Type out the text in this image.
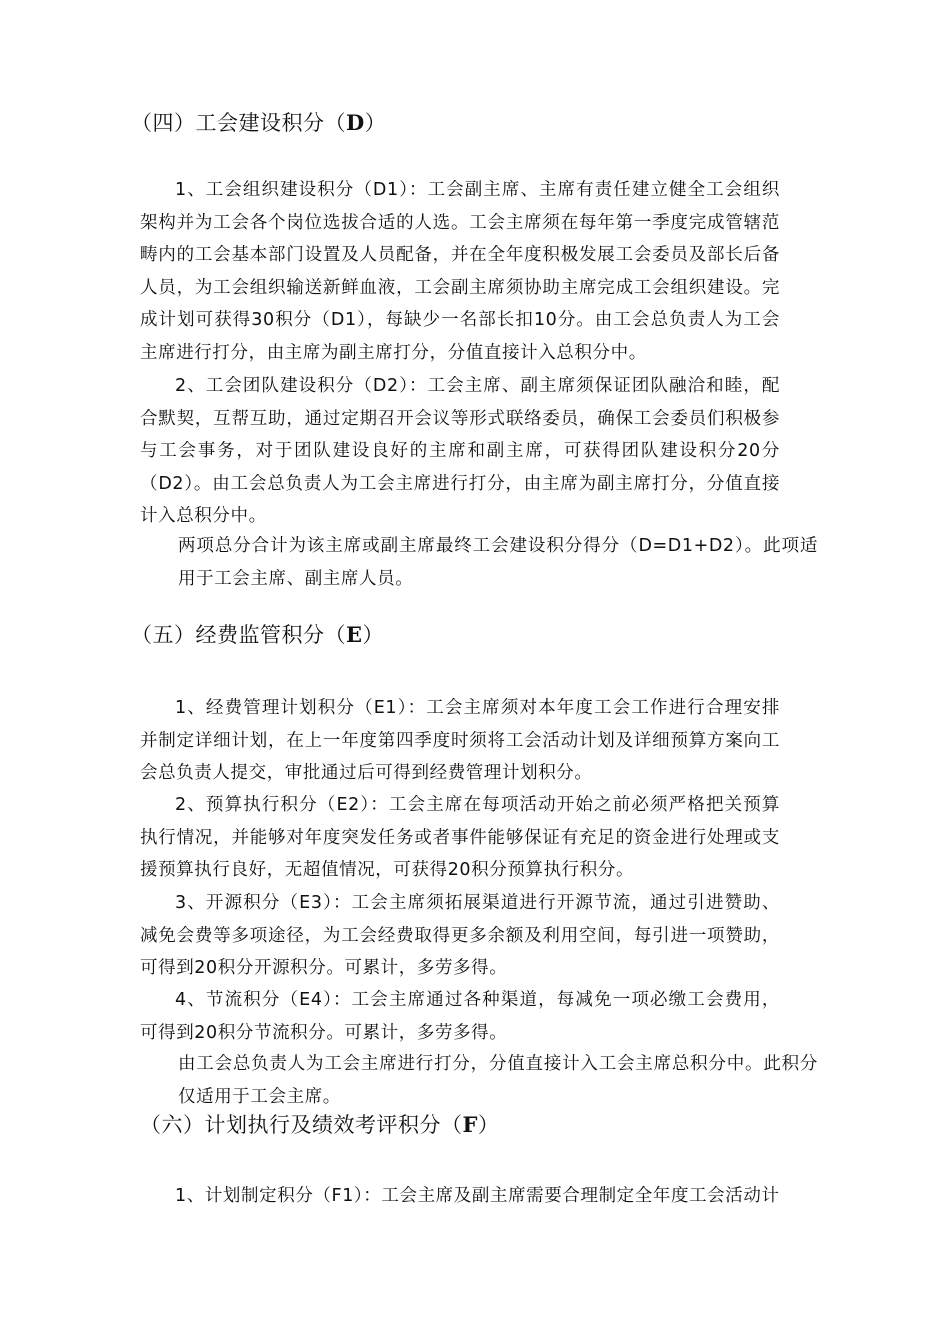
（四）工会建设积分（D）

1、工会组织建设积分（D1）：工会副主席、主席有责任建立健全工会组织架构并为工会各个岗位选拔合适的人选。工会主席须在每年第一季度完成管辖范畴内的工会基本部门设置及人员配备，并在全年度积极发展工会委员及部长后备人员，为工会组织输送新鲜血液，工会副主席须协助主席完成工会组织建设。完成计划可获得30积分（D1），每缺少一名部长扣10分。由工会总负责人为工会主席进行打分，由主席为副主席打分，分值直接计入总积分中。

2、工会团队建设积分（D2）：工会主席、副主席须保证团队融洽和睦，配合默契，互帮互助，通过定期召开会议等形式联络委员，确保工会委员们积极参与工会事务，对于团队建设良好的主席和副主席，可获得团队建设积分20分（D2）。由工会总负责人为工会主席进行打分，由主席为副主席打分，分值直接计入总积分中。

两项总分合计为该主席或副主席最终工会建设积分得分（D=D1+D2）。此项适用于工会主席、副主席人员。

（五）经费监管积分（E）

1、经费管理计划积分（E1）：工会主席须对本年度工会工作进行合理安排并制定详细计划，在上一年度第四季度时须将工会活动计划及详细预算方案向工会总负责人提交，审批通过后可得到经费管理计划积分。

2、预算执行积分（E2）：工会主席在每项活动开始之前必须严格把关预算执行情况，并能够对年度突发任务或者事件能够保证有充足的资金进行处理或支援预算执行良好，无超值情况，可获得20积分预算执行积分。

3、开源积分（E3）：工会主席须拓展渠道进行开源节流，通过引进赞助、减免会费等多项途径，为工会经费取得更多余额及利用空间，每引进一项赞助，可得到20积分开源积分。可累计，多劳多得。

4、节流积分（E4）：工会主席通过各种渠道，每减免一项必缴工会费用，可得到20积分节流积分。可累计，多劳多得。

由工会总负责人为工会主席进行打分，分值直接计入工会主席总积分中。此积分仅适用于工会主席。

（六）计划执行及绩效考评积分（F）

1、计划制定积分（F1）：工会主席及副主席需要合理制定全年度工会活动计
